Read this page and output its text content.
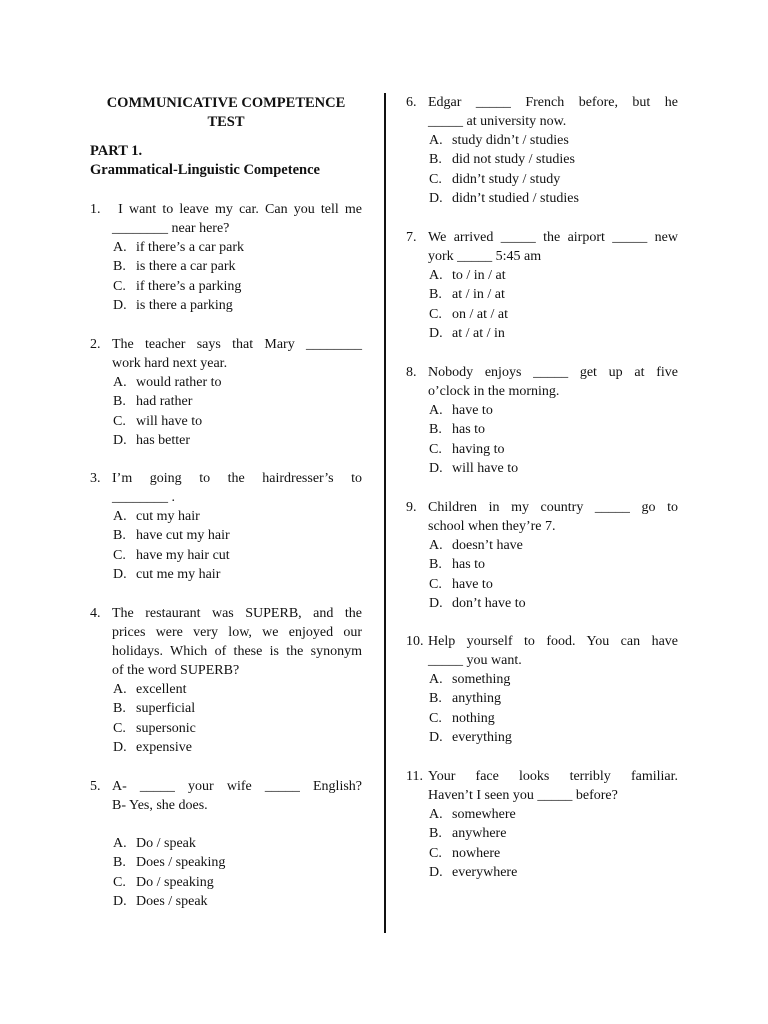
COMMUNICATIVE COMPETENCE
TEST
PART 1.
Grammatical-Linguistic Competence
1. I want to leave my car. Can you tell me
________ near here?
A. if there’s a car park
B. is there a car park
C. if there’s a parking
D. is there a parking
2. The teacher says that Mary ________
work hard next year.
A. would rather to
B. had rather
C. will have to
D. has better
3. I’m going to the hairdresser’s to
________ .
A. cut my hair
B. have cut my hair
C. have my hair cut
D. cut me my hair
4. The restaurant was SUPERB, and the
prices were very low, we enjoyed our
holidays. Which of these is the synonym
of the word SUPERB?
A. excellent
B. superficial
C. supersonic
D. expensive
5. A- _____ your wife _____ English?
B- Yes, she does.
A. Do / speak
B. Does / speaking
C. Do / speaking
D. Does / speak
6. Edgar _____ French before, but he
_____ at university now.
A. study didn’t / studies
B. did not study / studies
C. didn’t study / study
D. didn’t studied / studies
7. We arrived _____ the airport _____ new
york _____ 5:45 am
A. to / in / at
B. at / in / at
C. on / at / at
D. at / at / in
8. Nobody enjoys _____ get up at five
o’clock in the morning.
A. have to
B. has to
C. having to
D. will have to
9. Children in my country _____ go to
school when they’re 7.
A. doesn’t have
B. has to
C. have to
D. don’t have to
10. Help yourself to food. You can have
_____ you want.
A. something
B. anything
C. nothing
D. everything
11. Your face looks terribly familiar.
Haven’t I seen you _____ before?
A. somewhere
B. anywhere
C. nowhere
D. everywhere
